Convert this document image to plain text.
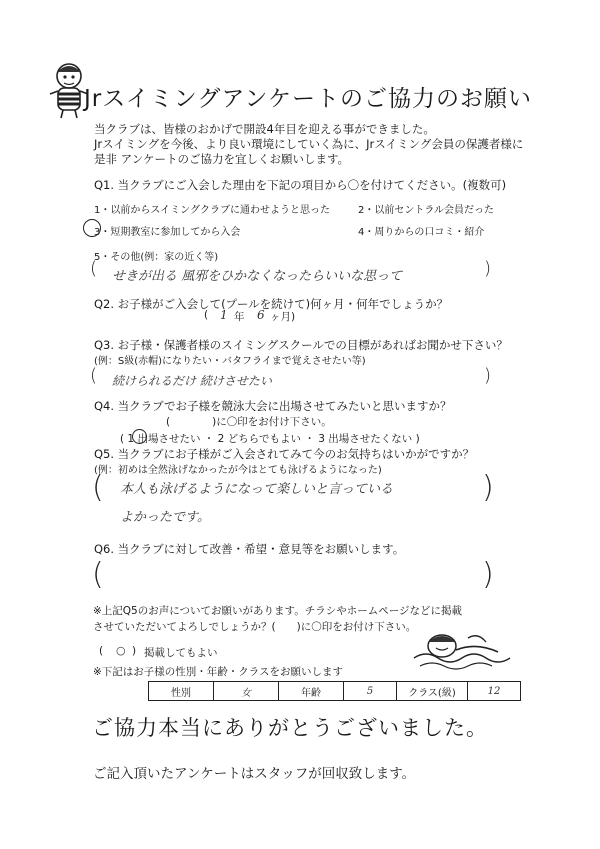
Jrスイミングアンケートのご協力のお願い
当クラブは、皆様のおかげで開設4年目を迎える事ができました。
Jrスイミングを今後、より良い環境にしていく為に、Jrスイミング会員の保護者様に
是非 アンケートのご協力を宜しくお願いします。
Q1. 当クラブにご入会した理由を下記の項目から〇を付けてください。(複数可)
1・以前からスイミングクラブに通わせようと思った	2・以前セントラル会員だった
3・短期教室に参加してから入会	4・周りからの口コミ・紹介
5・その他(例：家の近く等)
( せきが出る 風邪をひかなくなったらいいな思って	)
Q2. お子様がご入会して(プールを続けて)何ヶ月・何年でしょうか？
( 1 年 6 ヶ月)
Q3. お子様・保護者様のスイミングスクールでの目標があればお聞かせ下さい？
(例：S級(赤帽)になりたい・バタフライまで覚えさせたい等)
( 続けられるだけ 続けさせたい	)
Q4. 当クラブでお子様を競泳大会に出場させてみたいと思いますか？
(　　　　)に〇印をお付け下さい。
( 1 出場させたい ・ 2 どちらでもよい ・ 3 出場させたくない )
Q5. 当クラブにお子様がご入会されてみて今のお気持ちはいかがですか？
(例：初めは全然泳げなかったが今はとても泳げるようになった)
( 本人も泳げるようになって楽しいと言っている
よかったです。
)
Q6. 当クラブに対して改善・希望・意見等をお願いします。
(	)
※上記Q5のお声についてお願いがあります。チラシやホームページなどに掲載
させていただいてよろしでしょうか？(　　)に〇印をお付け下さい。
( ○ ) 掲載してもよい
※下記はお子様の性別・年齢・クラスをお願いします
性別	女	年齢	5	クラス(級)	12
ご協力本当にありがとうございました。
ご記入頂いたアンケートはスタッフが回収致します。
